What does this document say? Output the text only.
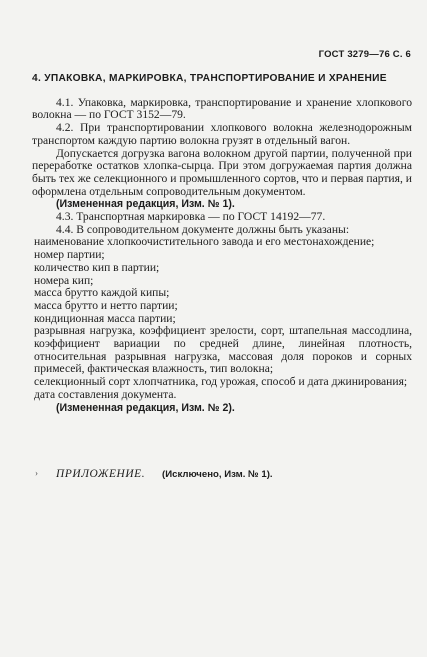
ГОСТ 3279—76 С. 6

4. УПАКОВКА, МАРКИРОВКА, ТРАНСПОРТИРОВАНИЕ И ХРАНЕНИЕ

4.1. Упаковка, маркировка, транспортирование и хранение хлопкового волокна — по ГОСТ 3152—79.

4.2. При транспортировании хлопкового волокна железнодорожным транспортом каждую партию волокна грузят в отдельный вагон.

Допускается догрузка вагона волокном другой партии, полученной при переработке остатков хлопка-сырца. При этом догружаемая партия должна быть тех же селекционного и промышленного сортов, что и первая партия, и оформлена отдельным сопроводительным документом.

(Измененная редакция, Изм. № 1).

4.3. Транспортная маркировка — по ГОСТ 14192—77.

4.4. В сопроводительном документе должны быть указаны:

наименование хлопкоочистительного завода и его местонахождение;

номер партии;

количество кип в партии;

номера кип;

масса брутто каждой кипы;

масса брутто и нетто партии;

кондиционная масса партии;

разрывная нагрузка, коэффициент зрелости, сорт, штапельная массодлина, коэффициент вариации по средней длине, линейная плотность, относительная разрывная нагрузка, массовая доля пороков и сорных примесей, фактическая влажность, тип волокна;

селекционный сорт хлопчатника, год урожая, способ и дата джинирования;

дата составления документа.

(Измененная редакция, Изм. № 2).

› ПРИЛОЖЕНИЕ. (Исключено, Изм. № 1).
